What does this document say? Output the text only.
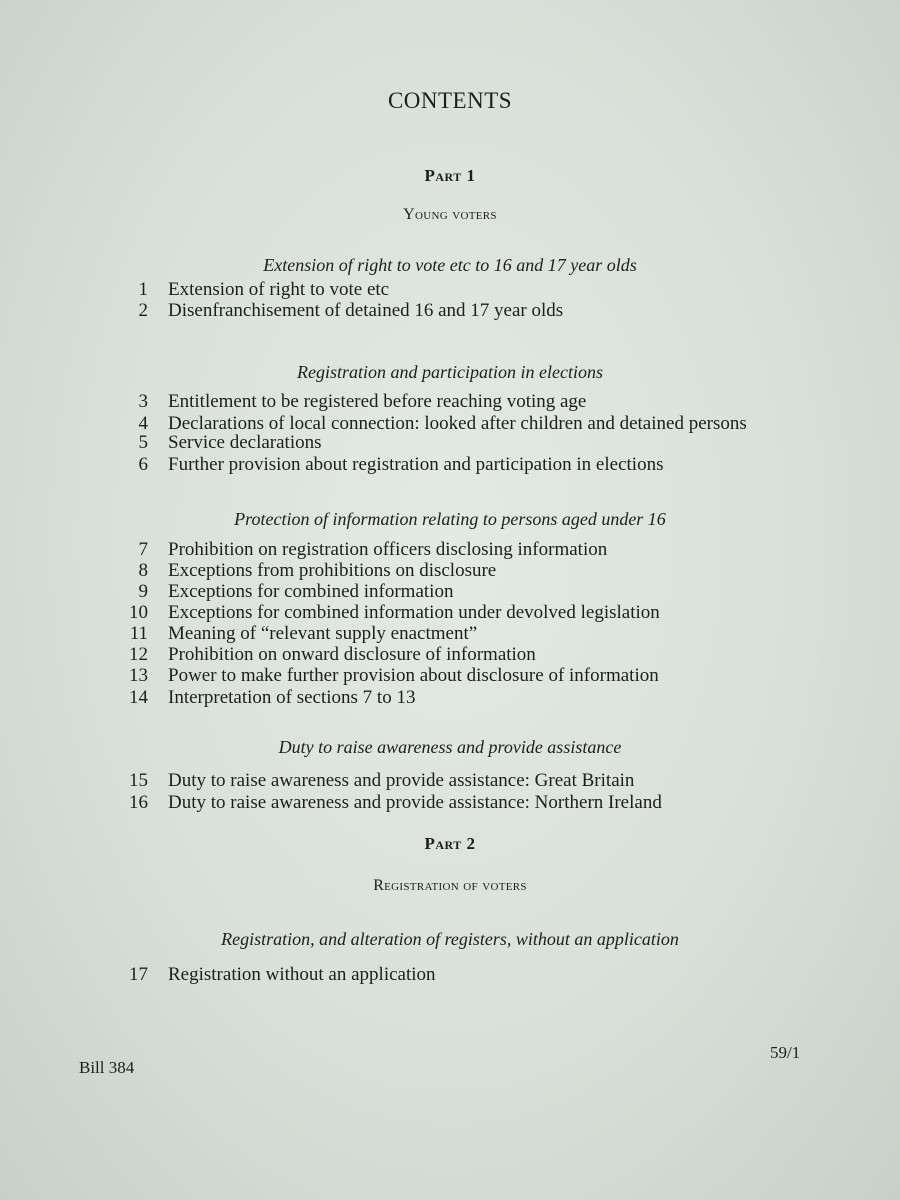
CONTENTS
Part 1
Young voters
Extension of right to vote etc to 16 and 17 year olds
1 Extension of right to vote etc
2 Disenfranchisement of detained 16 and 17 year olds
Registration and participation in elections
3 Entitlement to be registered before reaching voting age
4 Declarations of local connection: looked after children and detained persons
5 Service declarations
6 Further provision about registration and participation in elections
Protection of information relating to persons aged under 16
7 Prohibition on registration officers disclosing information
8 Exceptions from prohibitions on disclosure
9 Exceptions for combined information
10 Exceptions for combined information under devolved legislation
11 Meaning of “relevant supply enactment”
12 Prohibition on onward disclosure of information
13 Power to make further provision about disclosure of information
14 Interpretation of sections 7 to 13
Duty to raise awareness and provide assistance
15 Duty to raise awareness and provide assistance: Great Britain
16 Duty to raise awareness and provide assistance: Northern Ireland
Part 2
Registration of voters
Registration, and alteration of registers, without an application
17 Registration without an application
Bill 384
59/1
